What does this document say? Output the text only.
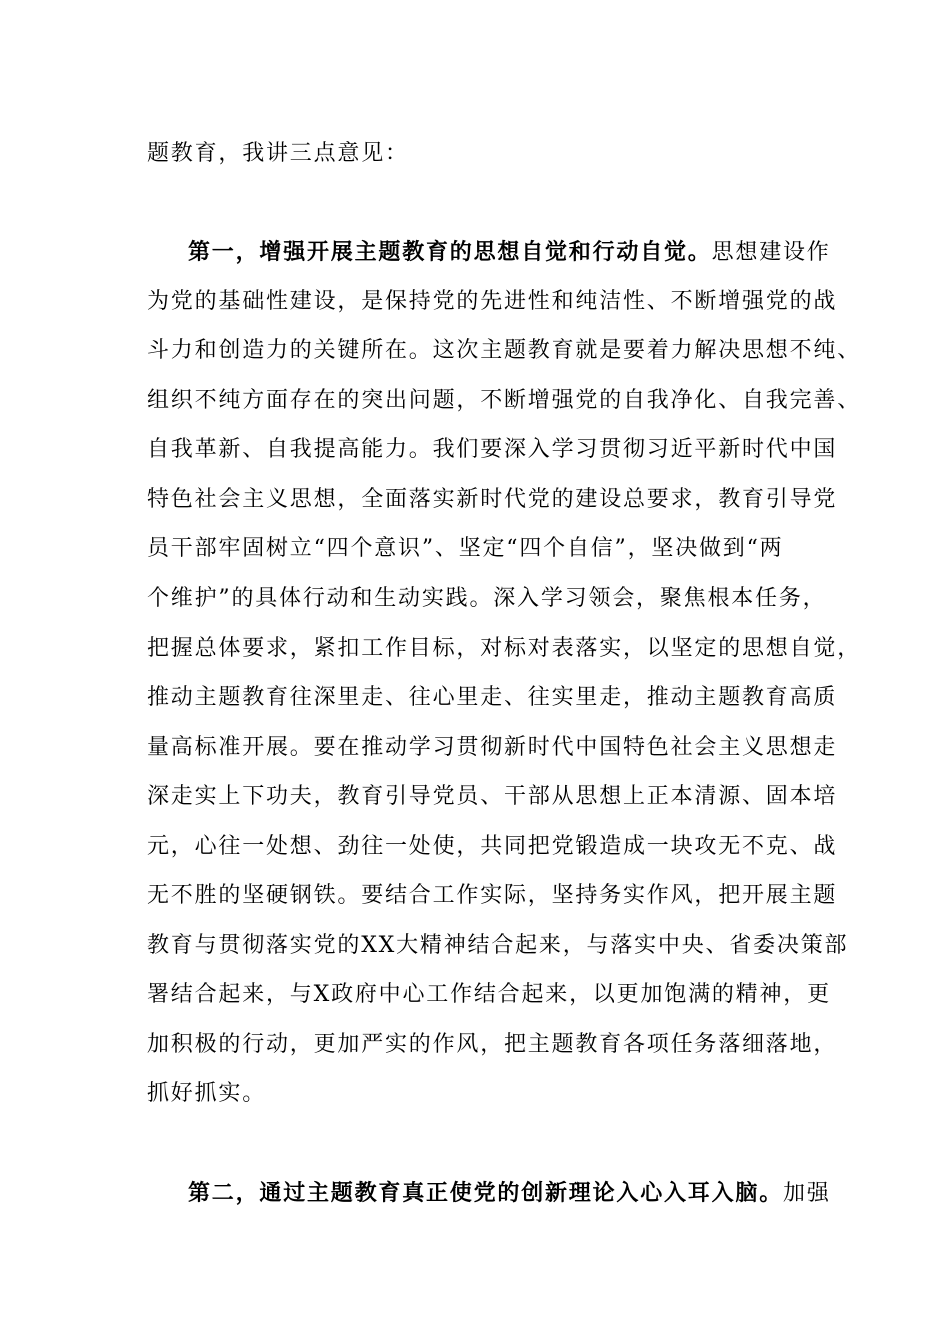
题教育，我讲三点意见：
第一，增强开展主题教育的思想自觉和行动自觉。思想建设作
为党的基础性建设，是保持党的先进性和纯洁性、不断增强党的战
斗力和创造力的关键所在。这次主题教育就是要着力解决思想不纯、
组织不纯方面存在的突出问题，不断增强党的自我净化、自我完善、
自我革新、自我提高能力。我们要深入学习贯彻习近平新时代中国
特色社会主义思想，全面落实新时代党的建设总要求，教育引导党
员干部牢固树立“四个意识”、坚定“四个自信”，坚决做到“两
个维护”的具体行动和生动实践。深入学习领会，聚焦根本任务，
把握总体要求，紧扣工作目标，对标对表落实，以坚定的思想自觉，
推动主题教育往深里走、往心里走、往实里走，推动主题教育高质
量高标准开展。要在推动学习贯彻新时代中国特色社会主义思想走
深走实上下功夫，教育引导党员、干部从思想上正本清源、固本培
元，心往一处想、劲往一处使，共同把党锻造成一块攻无不克、战
无不胜的坚硬钢铁。要结合工作实际，坚持务实作风，把开展主题
教育与贯彻落实党的XX大精神结合起来，与落实中央、省委决策部
署结合起来，与X政府中心工作结合起来，以更加饱满的精神，更
加积极的行动，更加严实的作风，把主题教育各项任务落细落地，
抓好抓实。
第二，通过主题教育真正使党的创新理论入心入耳入脑。加强
